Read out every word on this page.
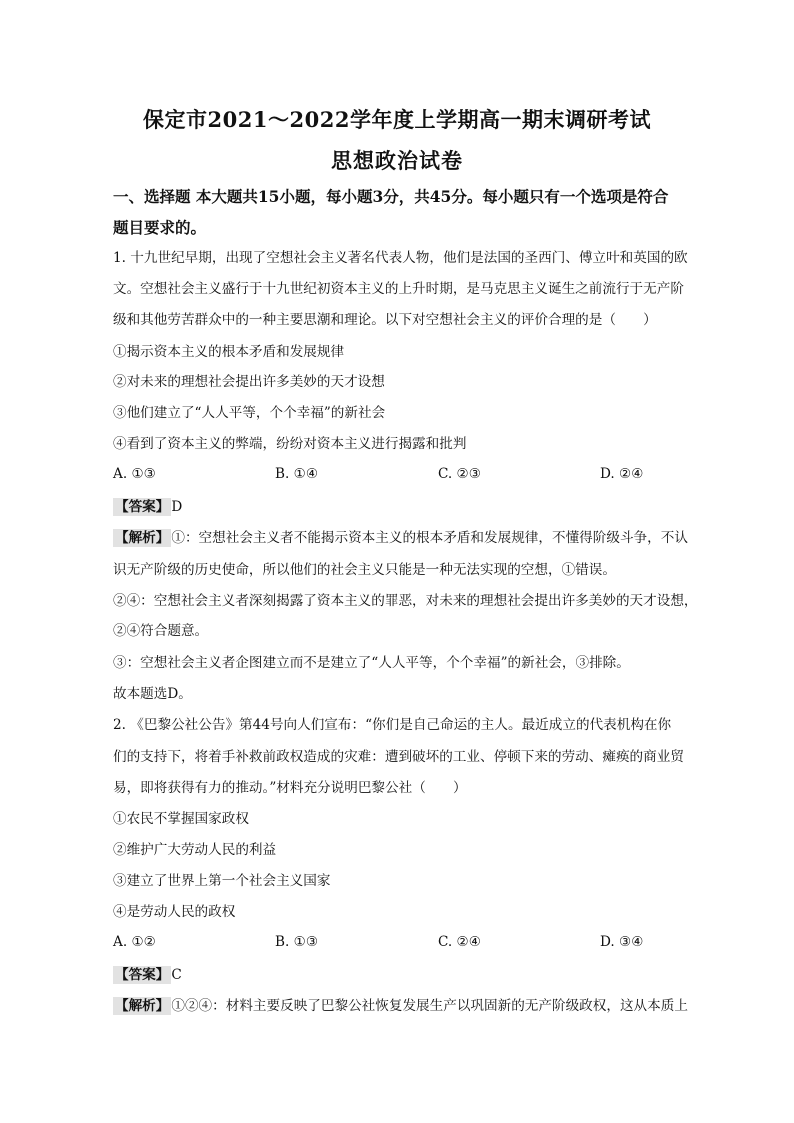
保定市2021～2022学年度上学期高一期末调研考试
思想政治试卷
一、选择题 本大题共15小题，每小题3分，共45分。每小题只有一个选项是符合
题目要求的。
1. 十九世纪早期，出现了空想社会主义著名代表人物，他们是法国的圣西门、傅立叶和英国的欧
文。空想社会主义盛行于十九世纪初资本主义的上升时期，是马克思主义诞生之前流行于无产阶
级和其他劳苦群众中的一种主要思潮和理论。以下对空想社会主义的评价合理的是（　　）
①揭示资本主义的根本矛盾和发展规律
②对未来的理想社会提出许多美妙的天才设想
③他们建立了“人人平等，个个幸福”的新社会
④看到了资本主义的弊端，纷纷对资本主义进行揭露和批判
A. ①③	B. ①④	C. ②③	D. ②④
【答案】 D
【解析】 ①：空想社会主义者不能揭示资本主义的根本矛盾和发展规律，不懂得阶级斗争，不认
识无产阶级的历史使命，所以他们的社会主义只能是一种无法实现的空想，①错误。
②④：空想社会主义者深刻揭露了资本主义的罪恶，对未来的理想社会提出许多美妙的天才设想，
②④符合题意。
③：空想社会主义者企图建立而不是建立了“人人平等，个个幸福”的新社会，③排除。
故本题选D。
2. 《巴黎公社公告》第44号向人们宣布：“你们是自己命运的主人。最近成立的代表机构在你
们的支持下，将着手补救前政权造成的灾难：遭到破坏的工业、停顿下来的劳动、瘫痪的商业贸
易，即将获得有力的推动。”材料充分说明巴黎公社（　　）
①农民不掌握国家政权
②维护广大劳动人民的利益
③建立了世界上第一个社会主义国家
④是劳动人民的政权
A. ①②	B. ①③	C. ②④	D. ③④
【答案】 C
【解析】 ①②④：材料主要反映了巴黎公社恢复发展生产以巩固新的无产阶级政权，这从本质上
